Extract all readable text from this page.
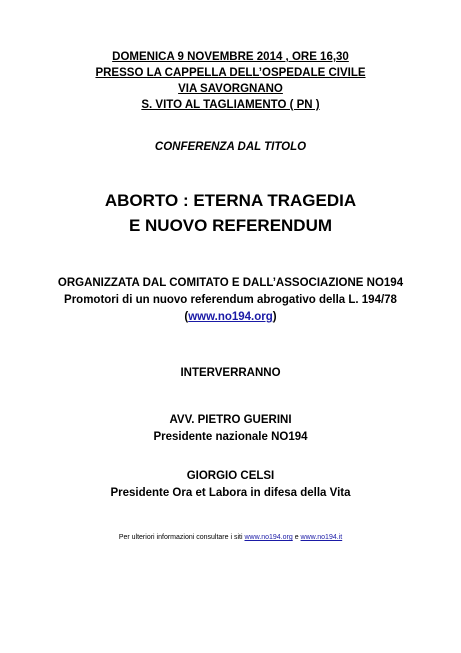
DOMENICA 9 NOVEMBRE 2014 , ORE 16,30
PRESSO LA CAPPELLA DELL’OSPEDALE CIVILE
VIA SAVORGNANO
S. VITO AL TAGLIAMENTO ( PN )
CONFERENZA DAL TITOLO
ABORTO : ETERNA TRAGEDIA
E NUOVO REFERENDUM
ORGANIZZATA DAL COMITATO E DALL’ASSOCIAZIONE NO194
Promotori di un nuovo referendum abrogativo della L. 194/78
(www.no194.org)
INTERVERRANNO
AVV. PIETRO GUERINI
Presidente nazionale NO194
GIORGIO CELSI
Presidente Ora et Labora in difesa della Vita
Per ulteriori informazioni consultare i siti www.no194.org e www.no194.it
